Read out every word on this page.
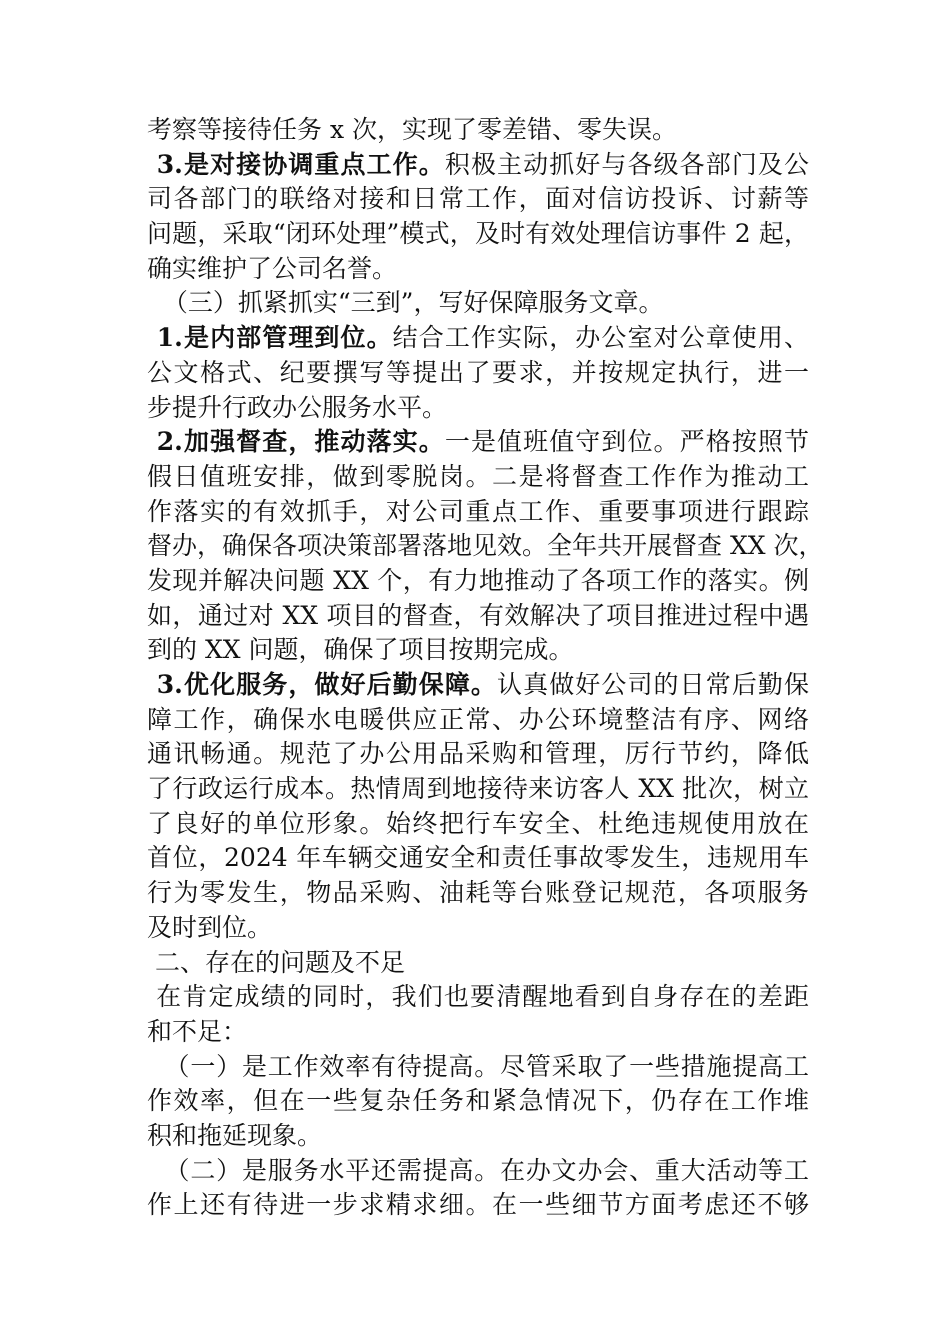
考察等接待任务 x 次，实现了零差错、零失误。
3.是对接协调重点工作。积极主动抓好与各级各部门及公
司各部门的联络对接和日常工作，面对信访投诉、讨薪等
问题，采取“闭环处理”模式，及时有效处理信访事件 2 起，
确实维护了公司名誉。
（三）抓紧抓实“三到”，写好保障服务文章。
1.是内部管理到位。结合工作实际，办公室对公章使用、
公文格式、纪要撰写等提出了要求，并按规定执行，进一
步提升行政办公服务水平。
2.加强督查，推动落实。一是值班值守到位。严格按照节
假日值班安排，做到零脱岗。二是将督查工作作为推动工
作落实的有效抓手，对公司重点工作、重要事项进行跟踪
督办，确保各项决策部署落地见效。全年共开展督查 XX 次，
发现并解决问题 XX 个，有力地推动了各项工作的落实。例
如，通过对 XX 项目的督查，有效解决了项目推进过程中遇
到的 XX 问题，确保了项目按期完成。
3.优化服务，做好后勤保障。认真做好公司的日常后勤保
障工作，确保水电暖供应正常、办公环境整洁有序、网络
通讯畅通。规范了办公用品采购和管理，厉行节约，降低
了行政运行成本。热情周到地接待来访客人 XX 批次，树立
了良好的单位形象。始终把行车安全、杜绝违规使用放在
首位，2024 年车辆交通安全和责任事故零发生，违规用车
行为零发生，物品采购、油耗等台账登记规范，各项服务
及时到位。
二、存在的问题及不足
在肯定成绩的同时，我们也要清醒地看到自身存在的差距
和不足：
（一）是工作效率有待提高。尽管采取了一些措施提高工
作效率，但在一些复杂任务和紧急情况下，仍存在工作堆
积和拖延现象。
（二）是服务水平还需提高。在办文办会、重大活动等工
作上还有待进一步求精求细。在一些细节方面考虑还不够
